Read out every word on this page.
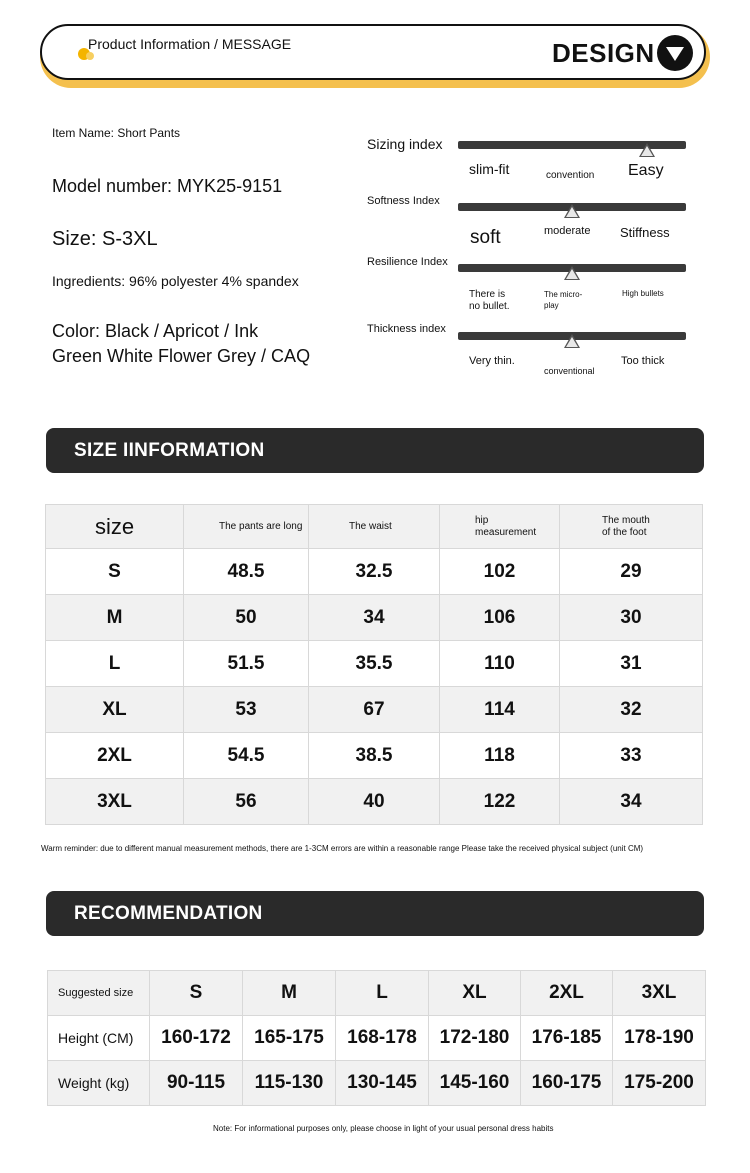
Product Information / MESSAGE	DESIGN
Item Name: Short Pants
Model number: MYK25-9151
Size: S-3XL
Ingredients: 96% polyester 4% spandex
Color: Black / Apricot / Ink Green White Flower Grey / CAQ
Sizing index
slim-fit	convention Easy
Softness Index
soft	moderate Stiffness
Resilience Index
There is no bullet.
The micro-play
High bullets
Thickness index
Very thin.
conventional
Too thick
SIZE IINFORMATION
size	The pants are long	The waist	hip measurement	The mouth of the foot

S	48.5	32.5	102	29
M	50	34	106	30
L	51.5	35.5	110	31
XL	53	67	114	32
2XL	54.5	38.5	118	33
3XL	56	40	122	34
Warm reminder: due to different manual measurement methods, there are 1-3CM errors are within a reasonable range Please take the received physical subject (unit CM)
RECOMMENDATION
Suggested size	S	M	L	XL	2XL	3XL
Height (CM)	160-172	165-175	168-178	172-180	176-185	178-190
Weight (kg)	90-115	115-130	130-145	145-160	160-175	175-200
Note: For informational purposes only, please choose in light of your usual personal dress habits
